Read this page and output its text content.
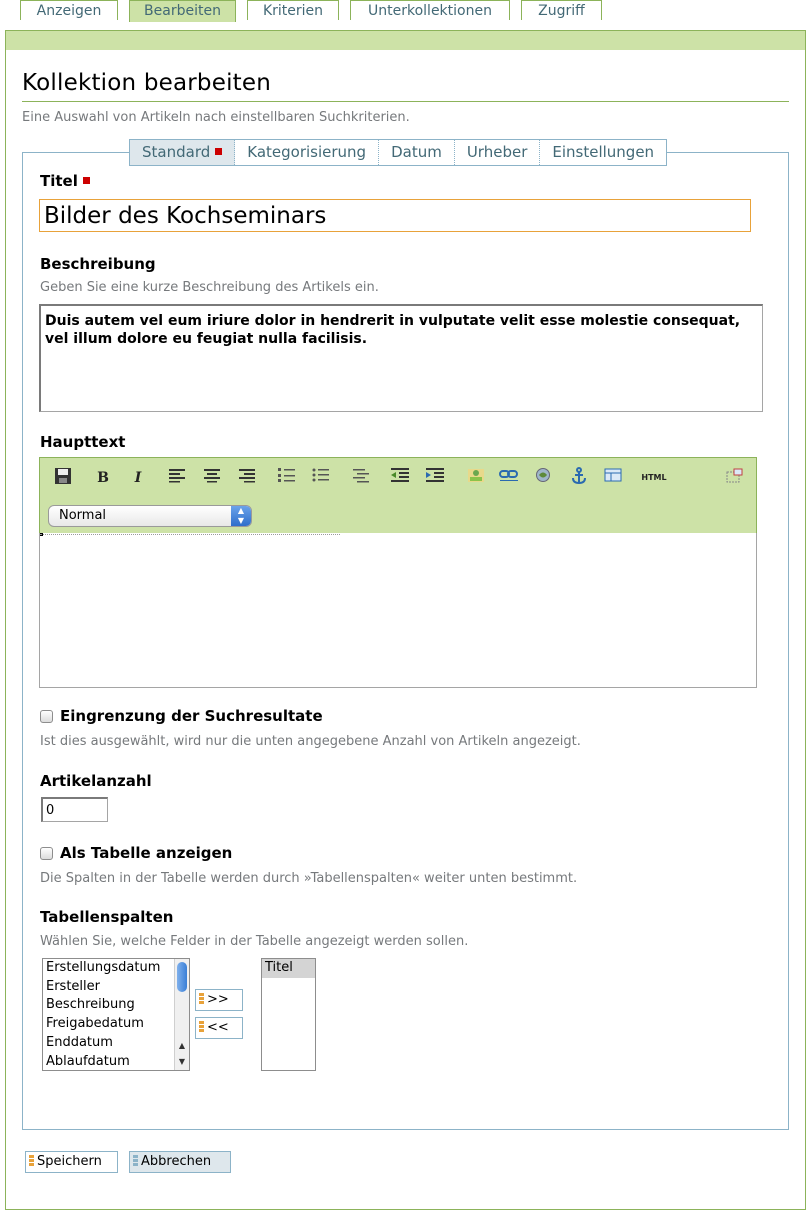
Anzeigen	Bearbeiten	Kriterien	Unterkollektionen	Zugriff
Kollektion bearbeiten
Eine Auswahl von Artikeln nach einstellbaren Suchkriterien.
Standard	Kategorisierung	Datum	Urheber	Einstellungen
Titel
Bilder des Kochseminars
Beschreibung
Geben Sie eine kurze Beschreibung des Artikels ein.
Duis autem vel eum iriure dolor in hendrerit in vulputate velit esse molestie consequat, vel illum dolore eu feugiat nulla facilisis.
Haupttext
B	I	HTML
Normal	▲
▼
Eingrenzung der Suchresultate
Ist dies ausgewählt, wird nur die unten angegebene Anzahl von Artikeln angezeigt.
Artikelanzahl
0
Als Tabelle anzeigen
Die Spalten in der Tabelle werden durch »Tabellenspalten« weiter unten bestimmt.
Tabellenspalten
Wählen Sie, welche Felder in der Tabelle angezeigt werden sollen.
Erstellungsdatum
Ersteller
Beschreibung
Freigabedatum
Enddatum
Ablaufdatum
▲
▼
>>
<<
Titel
Speichern	Abbrechen
